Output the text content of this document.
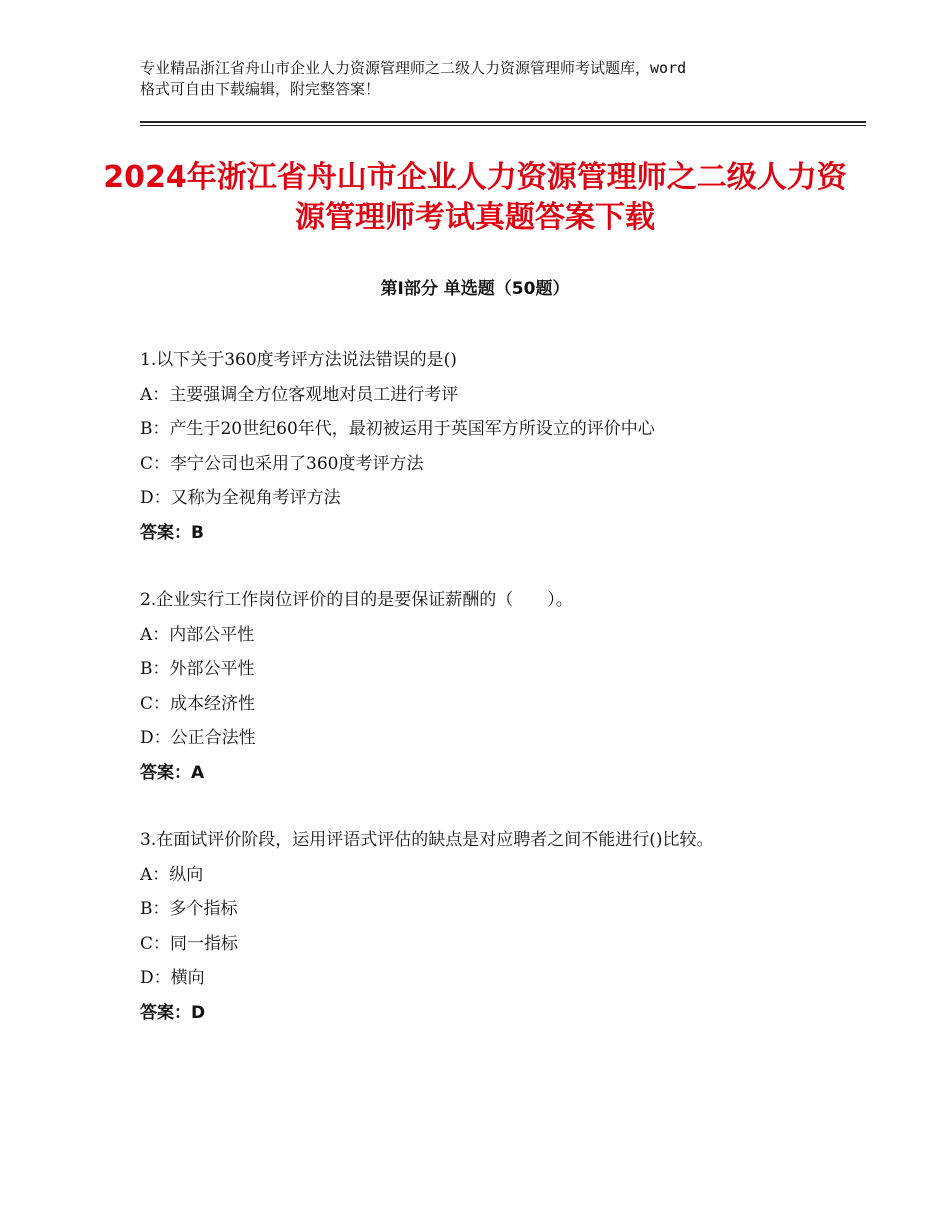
专业精品浙江省舟山市企业人力资源管理师之二级人力资源管理师考试题库，word
格式可自由下载编辑，附完整答案！
2024年浙江省舟山市企业人力资源管理师之二级人力资源管理师考试真题答案下载
第Ⅰ部分 单选题（50题）
1.以下关于360度考评方法说法错误的是()
A：主要强调全方位客观地对员工进行考评
B：产生于20世纪60年代，最初被运用于英国军方所设立的评价中心
C：李宁公司也采用了360度考评方法
D：又称为全视角考评方法
答案：B
2.企业实行工作岗位评价的目的是要保证薪酬的（　　）。
A：内部公平性
B：外部公平性
C：成本经济性
D：公正合法性
答案：A
3.在面试评价阶段，运用评语式评估的缺点是对应聘者之间不能进行()比较。
A：纵向
B：多个指标
C：同一指标
D：横向
答案：D
